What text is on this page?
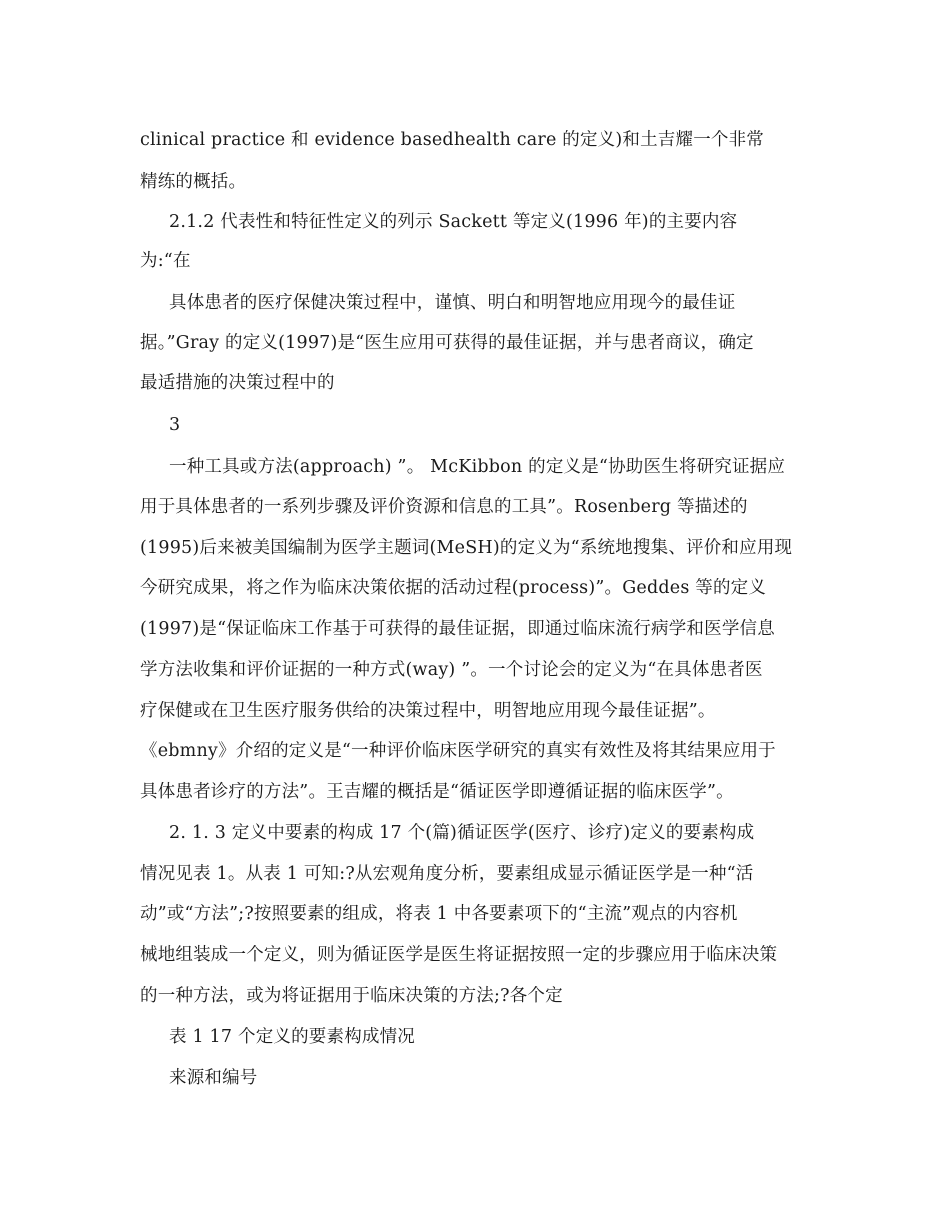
clinical practice 和 evidence basedhealth care 的定义)和土吉耀一个非常
精练的概括。
2.1.2 代表性和特征性定义的列示 Sackett 等定义(1996 年)的主要内容
为:“在
具体患者的医疗保健决策过程中，谨慎、明白和明智地应用现今的最佳证
据。”Gray 的定义(1997)是“医生应用可获得的最佳证据，并与患者商议，确定
最适措施的决策过程中的
3
一种工具或方法(approach) ”。 McKibbon 的定义是“协助医生将研究证据应
用于具体患者的一系列步骤及评价资源和信息的工具”。Rosenberg 等描述的
(1995)后来被美国编制为医学主题词(MeSH)的定义为“系统地搜集、评价和应用现
今研究成果，将之作为临床决策依据的活动过程(process)”。Geddes 等的定义
(1997)是“保证临床工作基于可获得的最佳证据，即通过临床流行病学和医学信息
学方法收集和评价证据的一种方式(way) ”。一个讨论会的定义为“在具体患者医
疗保健或在卫生医疗服务供给的决策过程中，明智地应用现今最佳证据”。
《ebmny》介绍的定义是“一种评价临床医学研究的真实有效性及将其结果应用于
具体患者诊疗的方法”。王吉耀的概括是“循证医学即遵循证据的临床医学”。
2. 1. 3 定义中要素的构成 17 个(篇)循证医学(医疗、诊疗)定义的要素构成
情况见表 1。从表 1 可知:?从宏观角度分析，要素组成显示循证医学是一种“活
动”或“方法”;?按照要素的组成，将表 1 中各要素项下的“主流”观点的内容机
械地组装成一个定义，则为循证医学是医生将证据按照一定的步骤应用于临床决策
的一种方法，或为将证据用于临床决策的方法;?各个定
表 1 17 个定义的要素构成情况
来源和编号
